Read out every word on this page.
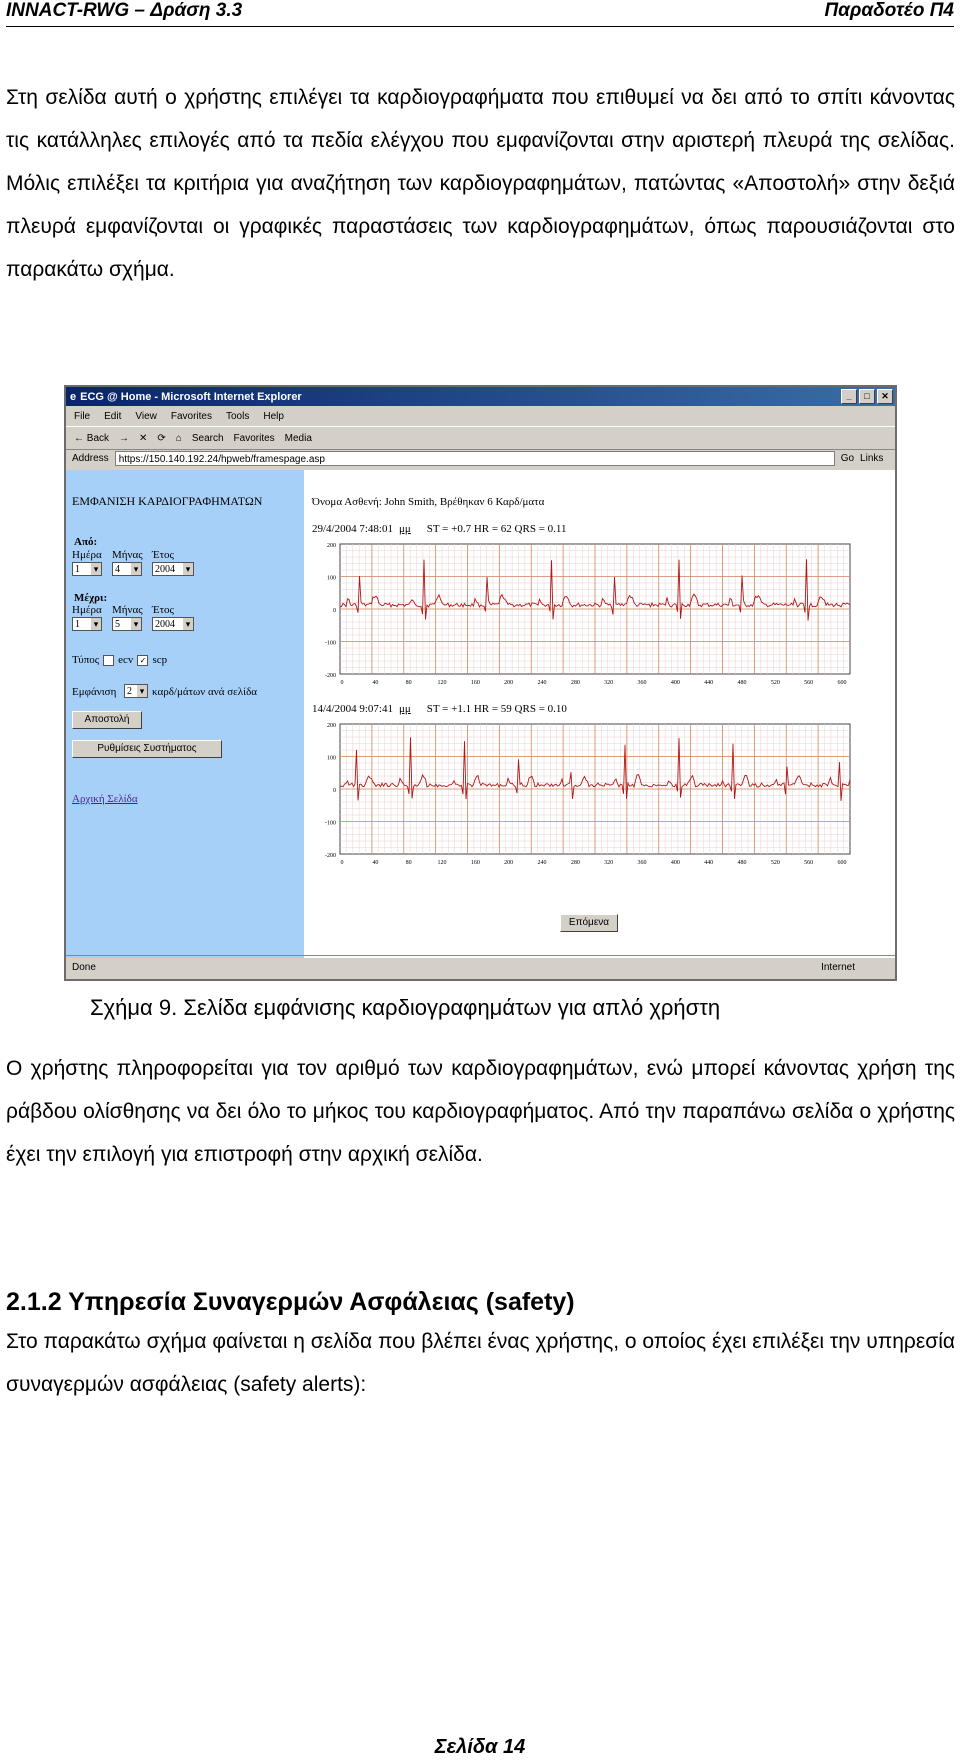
INNACT-RWG – Δράση 3.3	Παραδοτέο Π4

Στη σελίδα αυτή ο χρήστης επιλέγει τα καρδιογραφήματα που επιθυμεί να δει από το σπίτι κάνοντας τις κατάλληλες επιλογές από τα πεδία ελέγχου που εμφανίζονται στην αριστερή πλευρά της σελίδας. Μόλις επιλέξει τα κριτήρια για αναζήτηση των καρδιογραφημάτων, πατώντας «Αποστολή» στην δεξιά πλευρά εμφανίζονται οι γραφικές παραστάσεις των καρδιογραφημάτων, όπως παρουσιάζονται στο παρακάτω σχήμα.

e ECG @ Home - Microsoft Internet Explorer	_	□	✕
File Edit View Favorites Tools Help
← Back → ✕ ⟳ ⌂ Search Favorites Media
Address	https://150.140.192.24/hpweb/framespage.asp	Go Links
ΕΜΦΑΝΙΣΗ ΚΑΡΔΙΟΓΡΑΦΗΜΑΤΩΝ
Από:
Ημέρα Μήνας Έτος
1 ▾	4 ▾	2004 ▾
Μέχρι:
Ημέρα Μήνας Έτος
1 ▾	5 ▾	2004 ▾
Τύπος ecv ✓ scp
Εμφάνιση	2 ▾	καρδ/μάτων ανά σελίδα
Αποστολή
Ρυθμίσεις Συστήματος
Αρχική Σελίδα
Όνομα Ασθενή: John Smith, Βρέθηκαν 6 Καρδ/ματα
29/4/2004 7:48:01 μμ ST = +0.7 HR = 62 QRS = 0.11
200
100
0
-100
-200
0	40	80	120	160	200	240	280	320	360	400	440	480	520	560	600
14/4/2004 9:07:41 μμ ST = +1.1 HR = 59 QRS = 0.10
200
100
0
-100
-200
0	40	80	120	160	200	240	280	320	360	400	440	480	520	560	600
Επόμενα
Done	Internet
Σχήμα 9. Σελίδα εμφάνισης καρδιογραφημάτων για απλό χρήστη

Ο χρήστης πληροφορείται για τον αριθμό των καρδιογραφημάτων, ενώ μπορεί κάνοντας χρήση της ράβδου ολίσθησης να δει όλο το μήκος του καρδιογραφήματος. Από την παραπάνω σελίδα ο χρήστης έχει την επιλογή για επιστροφή στην αρχική σελίδα.

2.1.2 Υπηρεσία Συναγερμών Ασφάλειας (safety)

Στο παρακάτω σχήμα φαίνεται η σελίδα που βλέπει ένας χρήστης, ο οποίος έχει επιλέξει την υπηρεσία συναγερμών ασφάλειας (safety alerts):

Σελίδα 14
